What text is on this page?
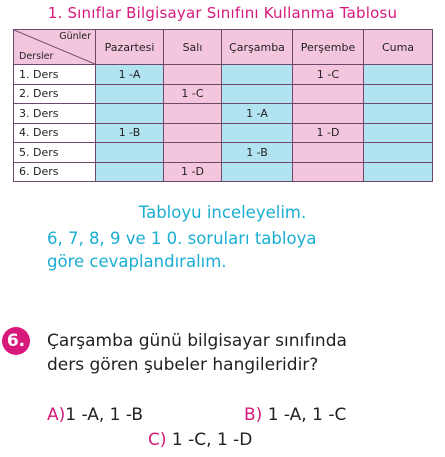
1. Sınıflar Bilgisayar Sınıfını Kullanma Tablosu
Günler
Dersler	Pazartesi	Salı	Çarşamba	Perşembe	Cuma
1. Ders	1 -A			1 -C	
2. Ders		1 -C			
3. Ders			1 -A		
4. Ders	1 -B			1 -D	
5. Ders			1 -B		
6. Ders		1 -D			
Tabloyu inceleyelim.
6, 7, 8, 9 ve 1 0. soruları tabloya
göre cevaplandıralım.
6. Çarşamba günü bilgisayar sınıfında
ders gören şubeler hangileridir?
A)1 -A, 1 -B	B) 1 -A, 1 -C
C) 1 -C, 1 -D
